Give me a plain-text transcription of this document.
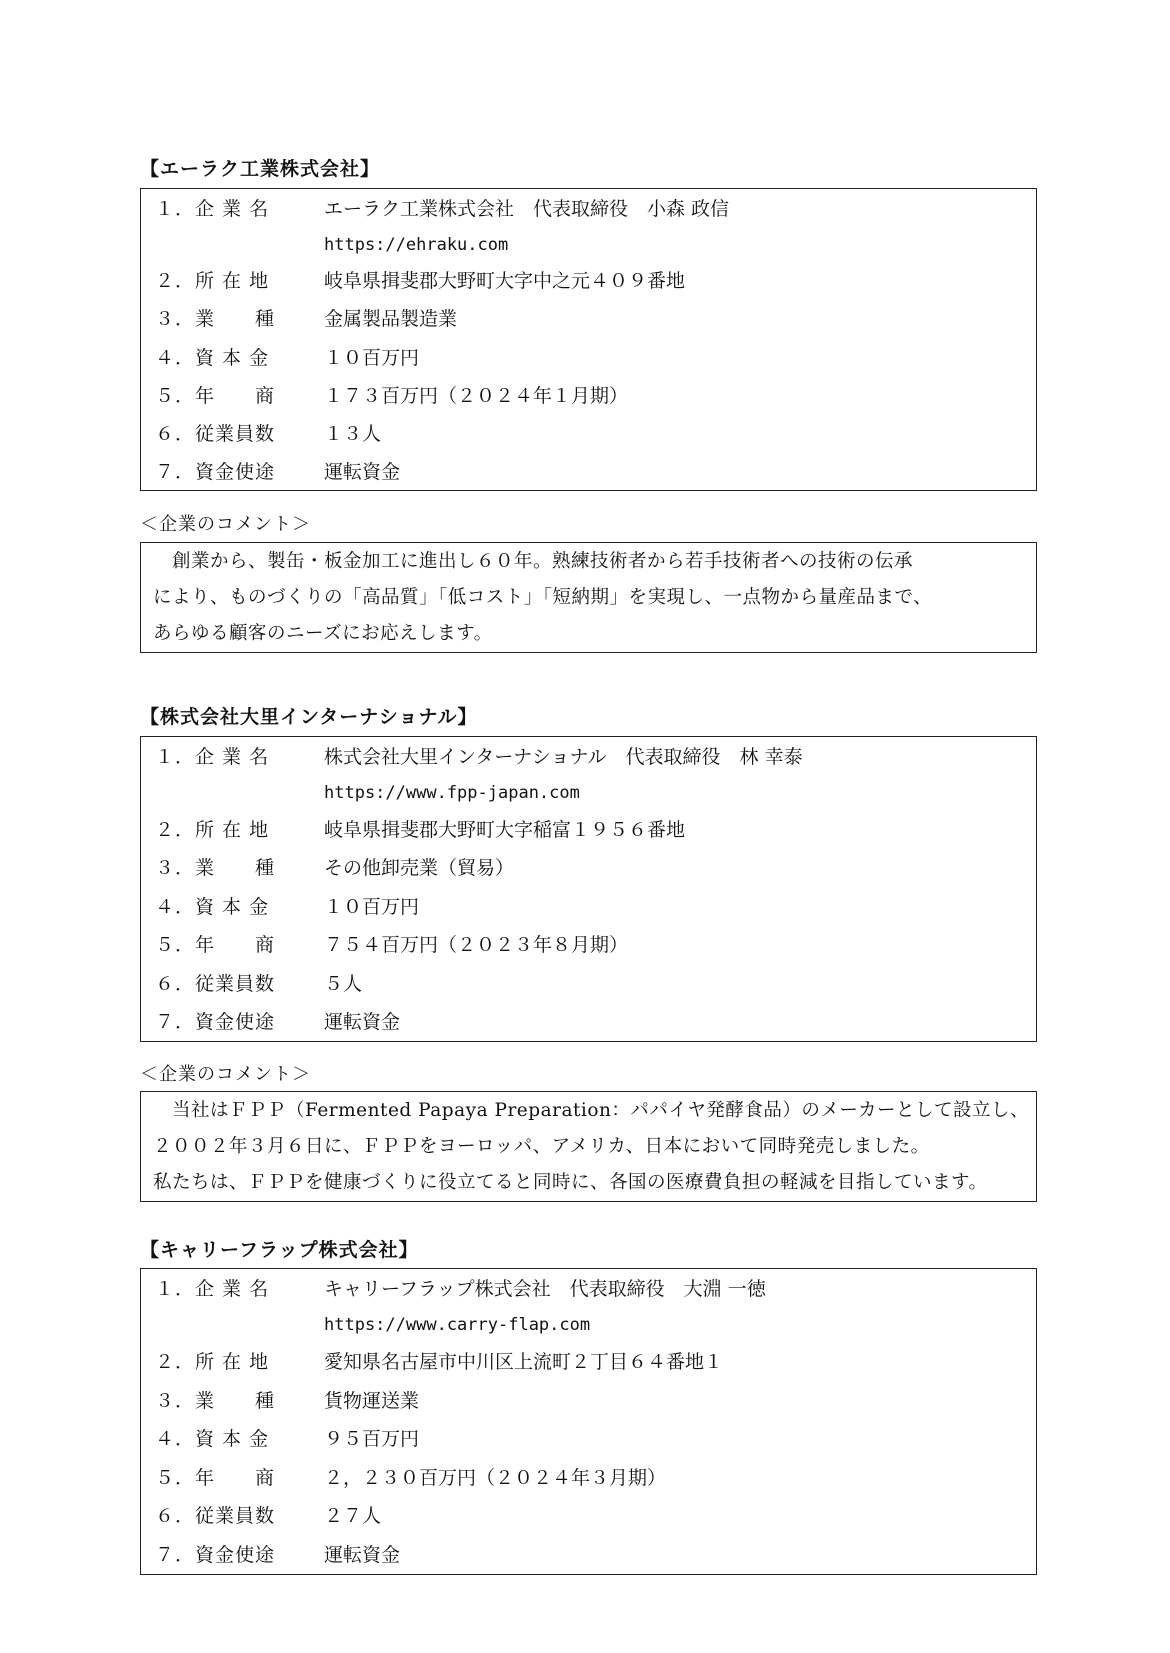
【エーラク工業株式会社】
１．企 業 名	エーラク工業株式会社　代表取締役　小森 政信
https://ehraku.com
２．所 在 地	岐阜県揖斐郡大野町大字中之元４０９番地
３．業　　種	金属製品製造業
４．資 本 金	１０百万円
５．年　　商	１７３百万円（２０２４年１月期）
６．従業員数	１３人
７．資金使途	運転資金
＜企業のコメント＞

　創業から、製缶・板金加工に進出し６０年。熟練技術者から若手技術者への技術の伝承

により、ものづくりの「高品質」「低コスト」「短納期」を実現し、一点物から量産品まで、

あらゆる顧客のニーズにお応えします。

【株式会社大里インターナショナル】
１．企 業 名	株式会社大里インターナショナル　代表取締役　林 幸泰
https://www.fpp-japan.com
２．所 在 地	岐阜県揖斐郡大野町大字稲富１９５６番地
３．業　　種	その他卸売業（貿易）
４．資 本 金	１０百万円
５．年　　商	７５４百万円（２０２３年８月期）
６．従業員数	５人
７．資金使途	運転資金
＜企業のコメント＞

　当社はＦＰＰ（Fermented Papaya Preparation：パパイヤ発酵食品）のメーカーとして設立し、

２００２年３月６日に、ＦＰＰをヨーロッパ、アメリカ、日本において同時発売しました。

私たちは、ＦＰＰを健康づくりに役立てると同時に、各国の医療費負担の軽減を目指しています。

【キャリーフラップ株式会社】
１．企 業 名	キャリーフラップ株式会社　代表取締役　大淵 一徳
https://www.carry-flap.com
２．所 在 地	愛知県名古屋市中川区上流町２丁目６４番地１
３．業　　種	貨物運送業
４．資 本 金	９５百万円
５．年　　商	２，２３０百万円（２０２４年３月期）
６．従業員数	２７人
７．資金使途	運転資金
